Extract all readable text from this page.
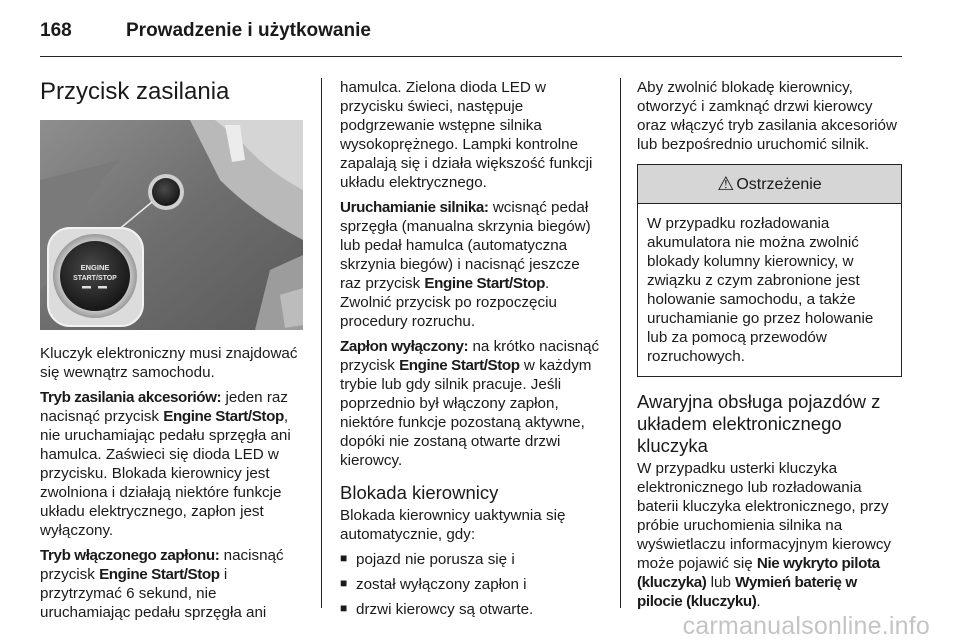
168	Prowadzenie i użytkowanie
Przycisk zasilania
ENGINE
START/STOP

Kluczyk elektroniczny musi znajdować się wewnątrz samochodu.

Tryb zasilania akcesoriów: jeden raz nacisnąć przycisk Engine Start/Stop, nie uruchamiając pedału sprzęgła ani hamulca. Zaświeci się dioda LED w przycisku. Blokada kierownicy jest zwolniona i działają niektóre funkcje układu elektrycznego, zapłon jest wyłączony.

Tryb włączonego zapłonu: nacisnąć przycisk Engine Start/Stop i przytrzymać 6 sekund, nie uruchamiając pedału sprzęgła ani

hamulca. Zielona dioda LED w przycisku świeci, następuje podgrzewanie wstępne silnika wysokoprężnego. Lampki kontrolne zapalają się i działa większość funkcji układu elektrycznego.

Uruchamianie silnika: wcisnąć pedał sprzęgła (manualna skrzynia biegów) lub pedał hamulca (automatyczna skrzynia biegów) i nacisnąć jeszcze raz przycisk Engine Start/Stop. Zwolnić przycisk po rozpoczęciu procedury rozruchu.

Zapłon wyłączony: na krótko nacisnąć przycisk Engine Start/Stop w każdym trybie lub gdy silnik pracuje. Jeśli poprzednio był włączony zapłon, niektóre funkcje pozostaną aktywne, dopóki nie zostaną otwarte drzwi kierowcy.

Blokada kierownicy

Blokada kierownicy uaktywnia się automatycznie, gdy:

■ pojazd nie porusza się i
■ został wyłączony zapłon i
■ drzwi kierowcy są otwarte.

Aby zwolnić blokadę kierownicy, otworzyć i zamknąć drzwi kierowcy oraz włączyć tryb zasilania akcesoriów lub bezpośrednio uruchomić silnik.

⚠ Ostrzeżenie
W przypadku rozładowania akumulatora nie można zwolnić blokady kolumny kierownicy, w związku z czym zabronione jest holowanie samochodu, a także uruchamianie go przez holowanie lub za pomocą przewodów rozruchowych.
Awaryjna obsługa pojazdów z układem elektronicznego kluczyka

W przypadku usterki kluczyka elektronicznego lub rozładowania baterii kluczyka elektronicznego, przy próbie uruchomienia silnika na wyświetlaczu informacyjnym kierowcy może pojawić się Nie wykryto pilota (kluczyka) lub Wymień baterię w pilocie (kluczyku).

carmanualsonline.info
